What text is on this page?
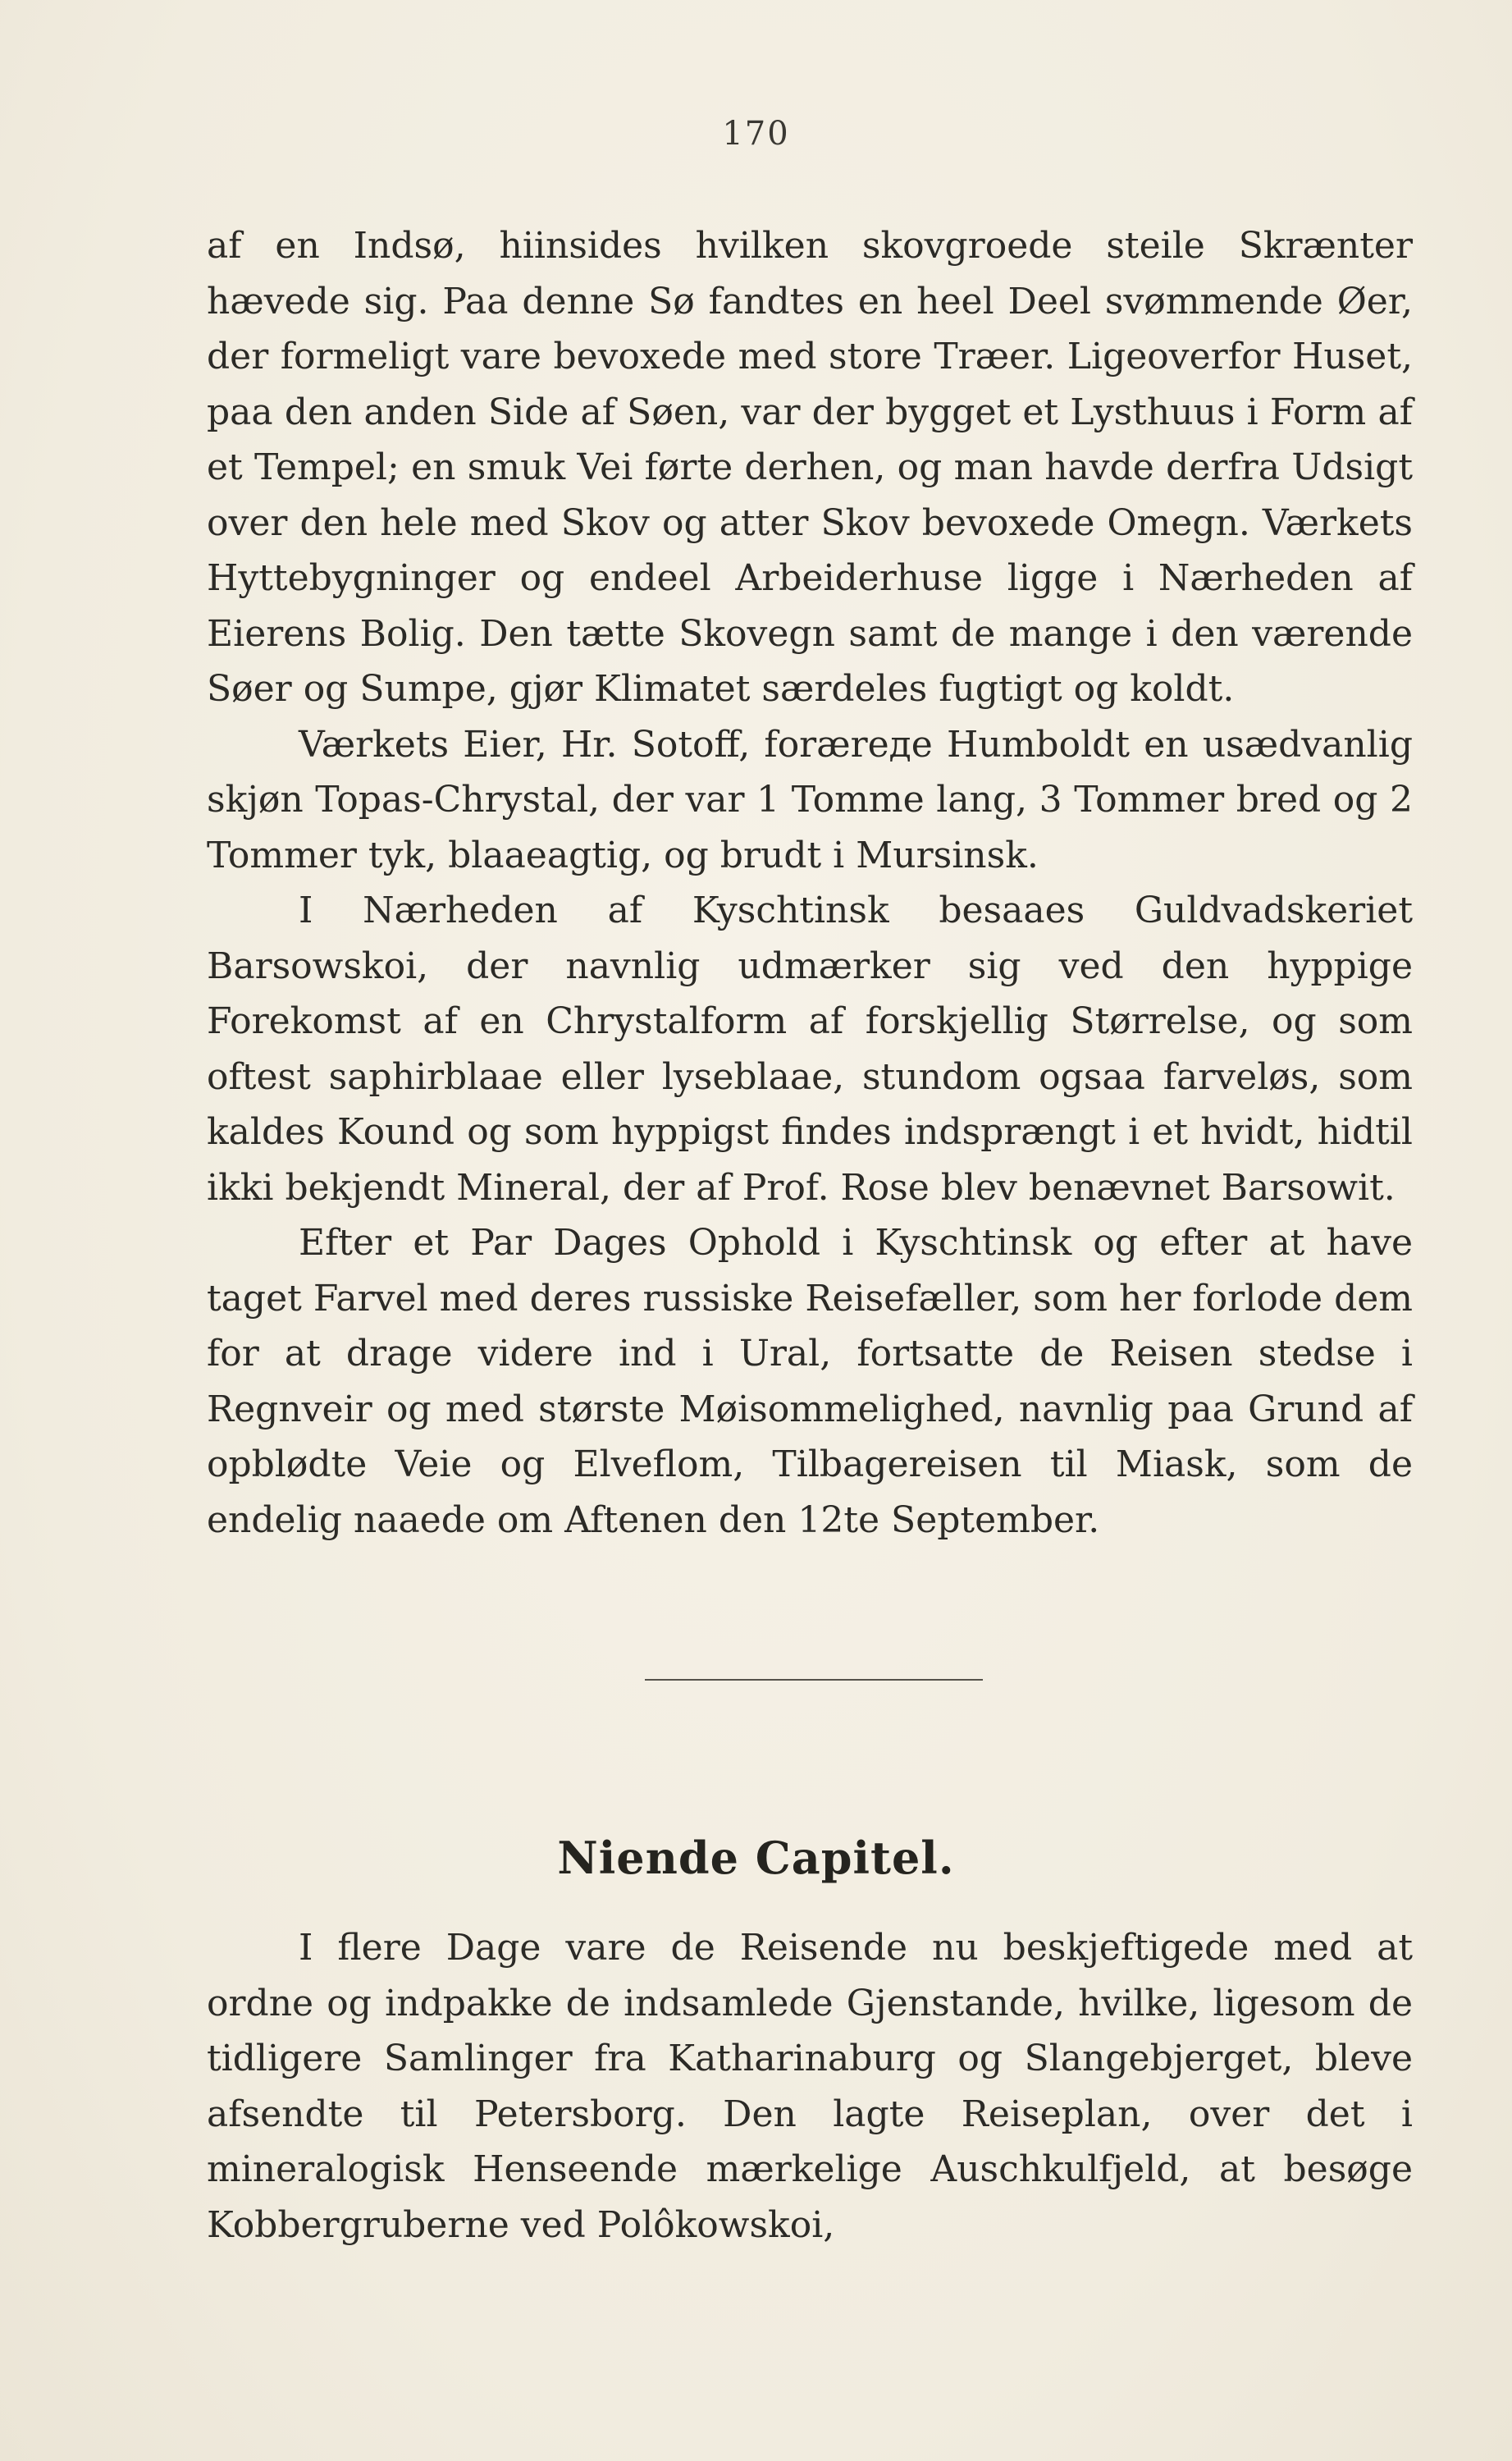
170

af en Indsø, hiinsides hvilken skovgroede steile Skrænter hævede sig. Paa denne Sø fandtes en heel Deel svømmende Øer, der formeligt vare bevoxede med store Træer. Ligeoverfor Huset, paa den anden Side af Søen, var der bygget et Lysthuus i Form af et Tempel; en smuk Vei førte derhen, og man havde derfra Udsigt over den hele med Skov og atter Skov bevoxede Omegn. Værkets Hyttebygninger og endeel Arbeiderhuse ligge i Nærheden af Eierens Bolig. Den tætte Skovegn samt de mange i den værende Søer og Sumpe, gjør Klimatet særdeles fugtigt og koldt.

Værkets Eier, Hr. Sotoff, foræreде Humboldt en usædvanlig skjøn Topas-Chrystal, der var 1 Tomme lang, 3 Tommer bred og 2 Tommer tyk, blaaeagtig, og brudt i Mursinsk.

I Nærheden af Kyschtinsk besaaes Guldvadskeriet Barsowskoi, der navnlig udmærker sig ved den hyppige Forekomst af en Chrystalform af forskjellig Størrelse, og som oftest saphirblaae eller lyseblaae, stundom ogsaa farveløs, som kaldes Kound og som hyppigst findes indsprængt i et hvidt, hidtil ikki bekjendt Mineral, der af Prof. Rose blev benævnet Barsowit.

Efter et Par Dages Ophold i Kyschtinsk og efter at have taget Farvel med deres russiske Reisefæller, som her forlode dem for at drage videre ind i Ural, fortsatte de Reisen stedse i Regnveir og med største Møisommelighed, navnlig paa Grund af opblødte Veie og Elveflom, Tilbagereisen til Miask, som de endelig naaede om Aftenen den 12te September.

Niende Capitel.

I flere Dage vare de Reisende nu beskjeftigede med at ordne og indpakke de indsamlede Gjenstande, hvilke, ligesom de tidligere Samlinger fra Katharinaburg og Slangebjerget, bleve afsendte til Petersborg. Den lagte Reiseplan, over det i mineralogisk Henseende mærkelige Auschkulfjeld, at besøge Kobbergruberne ved Polôkowskoi,
